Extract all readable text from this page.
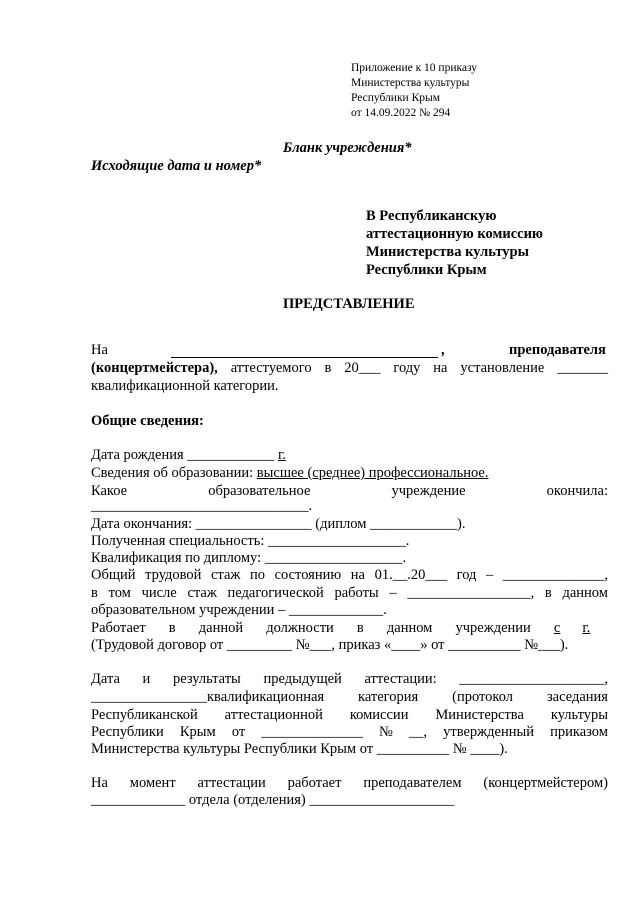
Приложение к 10 приказу
Министерства культуры
Республики Крым
от 14.09.2022 № 294
Бланк учреждения*
Исходящие дата и номер*
В Республиканскую
аттестационную комиссию
Министерства культуры
Республики Крым
ПРЕДСТАВЛЕНИЕ
На	,	преподавателя
(концертмейстера), аттестуемого в 20___ году на установление _______
квалификационной категории.
Общие сведения:
Дата рождения ____________ г.
Сведения об образовании: высшее (среднее) профессиональное.
Какое	образовательное	учреждение	окончила:
______________________________.
Дата окончания: ________________ (диплом ____________).
Полученная специальность: ___________________.
Квалификация по диплому: ___________________.
Общий трудовой стаж по состоянию на 01.__.20___ год – ______________,
в том числе стаж педагогической работы – _________________, в данном
образовательном учреждении – _____________.
Работает в данной должности в данном учреждении с г.
(Трудовой договор от _________ №___, приказ «____» от __________ №___).
Дата и результаты предыдущей аттестации: ____________________,
________________квалификационная категория (протокол заседания
Республиканской аттестационной комиссии Министерства культуры
Республики Крым от ______________ № __, утвержденный приказом
Министерства культуры Республики Крым от __________ № ____).
На момент аттестации работает преподавателем (концертмейстером)
_____________ отдела (отделения) ____________________
